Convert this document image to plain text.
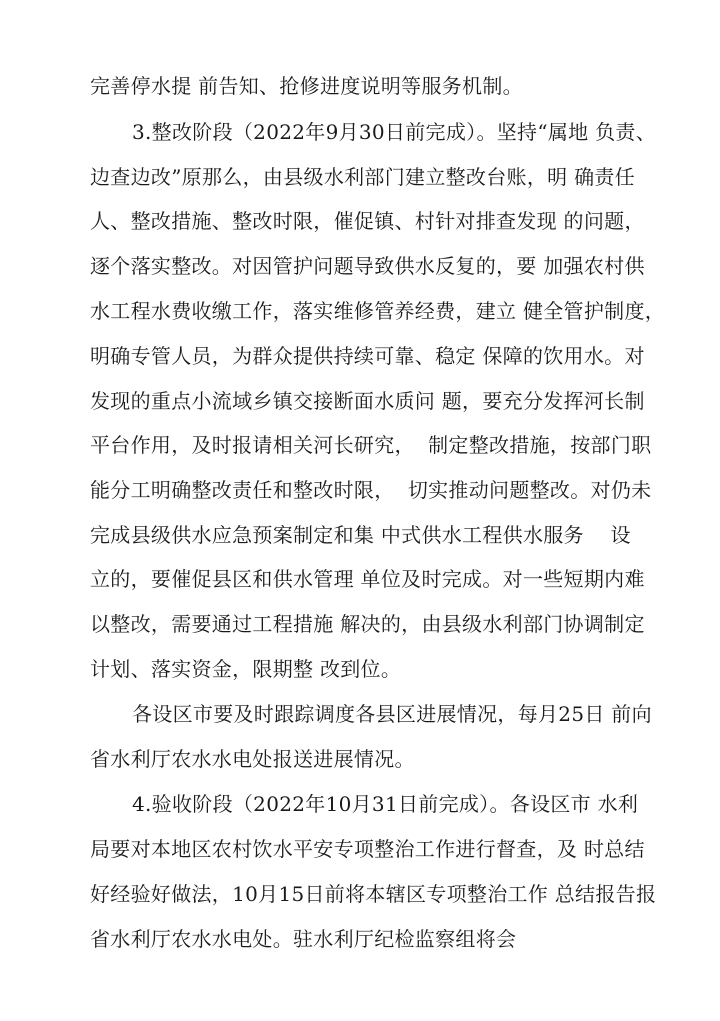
完善停水提 前告知、抢修进度说明等服务机制。
3.整改阶段（2022年9月30日前完成）。坚持“属地 负责、
边查边改”原那么，由县级水利部门建立整改台账，明 确责任
人、整改措施、整改时限，催促镇、村针对排查发现 的问题，
逐个落实整改。对因管护问题导致供水反复的，要 加强农村供
水工程水费收缴工作，落实维修管养经费，建立 健全管护制度，
明确专管人员，为群众提供持续可靠、稳定 保障的饮用水。对
发现的重点小流域乡镇交接断面水质问 题，要充分发挥河长制
平台作用，及时报请相关河长研究，  制定整改措施，按部门职
能分工明确整改责任和整改时限，  切实推动问题整改。对仍未
完成县级供水应急预案制定和集 中式供水工程供水服务    设
立的，要催促县区和供水管理 单位及时完成。对一些短期内难
以整改，需要通过工程措施 解决的，由县级水利部门协调制定
计划、落实资金，限期整 改到位。
各设区市要及时跟踪调度各县区进展情况，每月25日 前向
省水利厅农水水电处报送进展情况。
4.验收阶段（2022年10月31日前完成）。各设区市 水利
局要对本地区农村饮水平安专项整治工作进行督查，及 时总结
好经验好做法，10月15日前将本辖区专项整治工作 总结报告报
省水利厅农水水电处。驻水利厅纪检监察组将会
